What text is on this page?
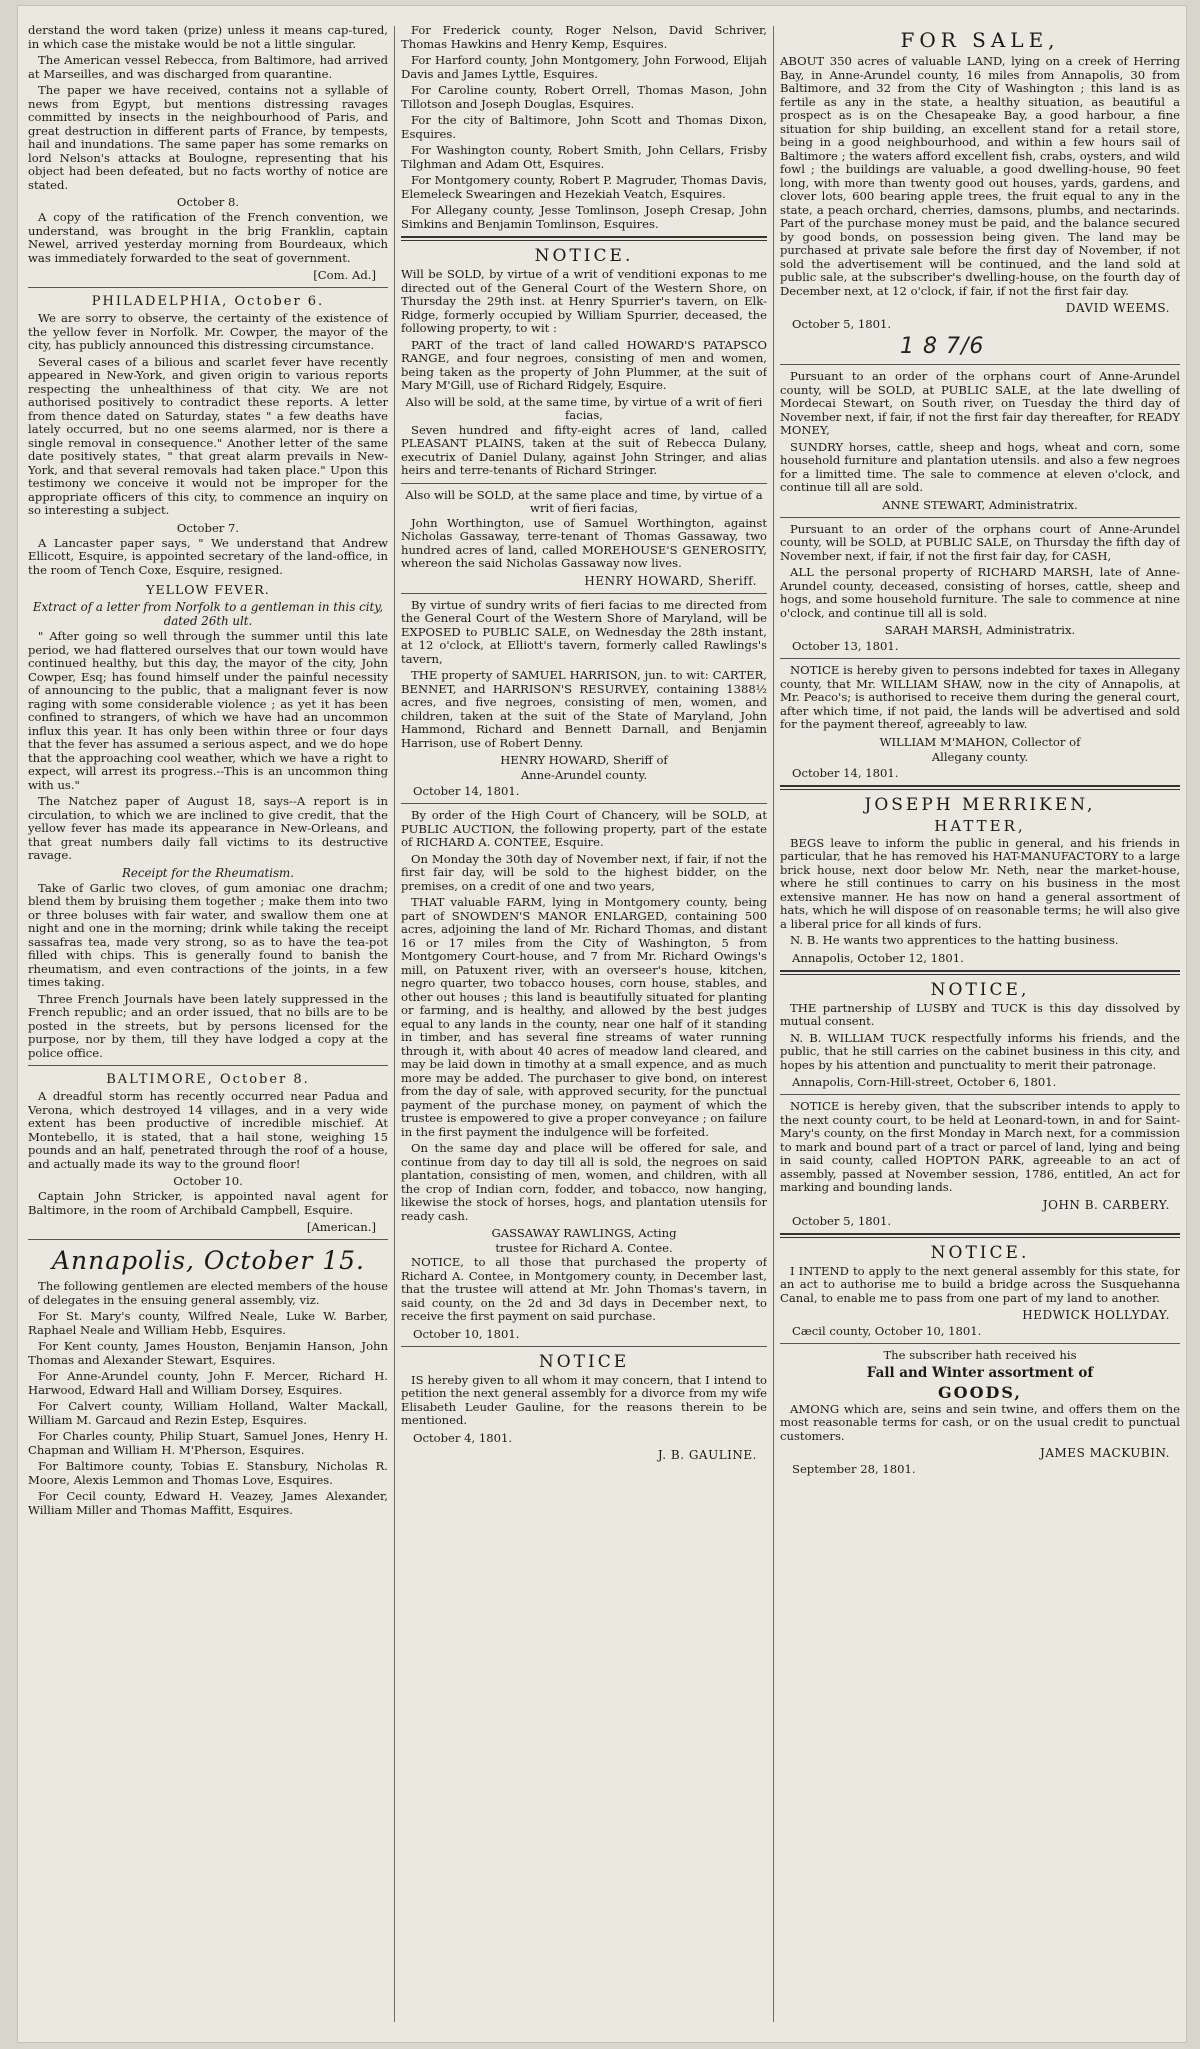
derstand the word taken (prize) unless it means cap-tured, in which case the mistake would be not a little singular.

The American vessel Rebecca, from Baltimore, had arrived at Marseilles, and was discharged from quarantine.

The paper we have received, contains not a syllable of news from Egypt, but mentions distressing ravages committed by insects in the neighbourhood of Paris, and great destruction in different parts of France, by tempests, hail and inundations. The same paper has some remarks on lord Nelson's attacks at Boulogne, representing that his object had been defeated, but no facts worthy of notice are stated.

October 8.

A copy of the ratification of the French convention, we understand, was brought in the brig Franklin, captain Newel, arrived yesterday morning from Bourdeaux, which was immediately forwarded to the seat of government.

[Com. Ad.]
PHILADELPHIA, October 6.

We are sorry to observe, the certainty of the existence of the yellow fever in Norfolk. Mr. Cowper, the mayor of the city, has publicly announced this distressing circumstance.

Several cases of a bilious and scarlet fever have recently appeared in New-York, and given origin to various reports respecting the unhealthiness of that city. We are not authorised positively to contradict these reports. A letter from thence dated on Saturday, states " a few deaths have lately occurred, but no one seems alarmed, nor is there a single removal in consequence." Another letter of the same date positively states, " that great alarm prevails in New-York, and that several removals had taken place." Upon this testimony we conceive it would not be improper for the appropriate officers of this city, to commence an inquiry on so interesting a subject.

October 7.

A Lancaster paper says, " We understand that Andrew Ellicott, Esquire, is appointed secretary of the land-office, in the room of Tench Coxe, Esquire, resigned.

YELLOW FEVER.
Extract of a letter from Norfolk to a gentleman in this city, dated 26th ult.

" After going so well through the summer until this late period, we had flattered ourselves that our town would have continued healthy, but this day, the mayor of the city, John Cowper, Esq; has found himself under the painful necessity of announcing to the public, that a malignant fever is now raging with some considerable violence ; as yet it has been confined to strangers, of which we have had an uncommon influx this year. It has only been within three or four days that the fever has assumed a serious aspect, and we do hope that the approaching cool weather, which we have a right to expect, will arrest its progress.--This is an uncommon thing with us."

The Natchez paper of August 18, says--A report is in circulation, to which we are inclined to give credit, that the yellow fever has made its appearance in New-Orleans, and that great numbers daily fall victims to its destructive ravage.

Receipt for the Rheumatism.

Take of Garlic two cloves, of gum amoniac one drachm; blend them by bruising them together ; make them into two or three boluses with fair water, and swallow them one at night and one in the morning; drink while taking the receipt sassafras tea, made very strong, so as to have the tea-pot filled with chips. This is generally found to banish the rheumatism, and even contractions of the joints, in a few times taking.

Three French Journals have been lately suppressed in the French republic; and an order issued, that no bills are to be posted in the streets, but by persons licensed for the purpose, nor by them, till they have lodged a copy at the police office.

BALTIMORE, October 8.

A dreadful storm has recently occurred near Padua and Verona, which destroyed 14 villages, and in a very wide extent has been productive of incredible mischief. At Montebello, it is stated, that a hail stone, weighing 15 pounds and an half, penetrated through the roof of a house, and actually made its way to the ground floor!

October 10.

Captain John Stricker, is appointed naval agent for Baltimore, in the room of Archibald Campbell, Esquire.

[American.]
Annapolis, October 15.

The following gentlemen are elected members of the house of delegates in the ensuing general assembly, viz.

For St. Mary's county, Wilfred Neale, Luke W. Barber, Raphael Neale and William Hebb, Esquires.

For Kent county, James Houston, Benjamin Hanson, John Thomas and Alexander Stewart, Esquires.

For Anne-Arundel county, John F. Mercer, Richard H. Harwood, Edward Hall and William Dorsey, Esquires.

For Calvert county, William Holland, Walter Mackall, William M. Garcaud and Rezin Estep, Esquires.

For Charles county, Philip Stuart, Samuel Jones, Henry H. Chapman and William H. M'Pherson, Esquires.

For Baltimore county, Tobias E. Stansbury, Nicholas R. Moore, Alexis Lemmon and Thomas Love, Esquires.

For Cecil county, Edward H. Veazey, James Alexander, William Miller and Thomas Maffitt, Esquires.

For Frederick county, Roger Nelson, David Schriver, Thomas Hawkins and Henry Kemp, Esquires.

For Harford county, John Montgomery, John Forwood, Elijah Davis and James Lyttle, Esquires.

For Caroline county, Robert Orrell, Thomas Mason, John Tillotson and Joseph Douglas, Esquires.

For the city of Baltimore, John Scott and Thomas Dixon, Esquires.

For Washington county, Robert Smith, John Cellars, Frisby Tilghman and Adam Ott, Esquires.

For Montgomery county, Robert P. Magruder, Thomas Davis, Elemeleck Swearingen and Hezekiah Veatch, Esquires.

For Allegany county, Jesse Tomlinson, Joseph Cresap, John Simkins and Benjamin Tomlinson, Esquires.

NOTICE.

Will be SOLD, by virtue of a writ of venditioni exponas to me directed out of the General Court of the Western Shore, on Thursday the 29th inst. at Henry Spurrier's tavern, on Elk-Ridge, formerly occupied by William Spurrier, deceased, the following property, to wit :

PART of the tract of land called HOWARD'S PATAPSCO RANGE, and four negroes, consisting of men and women, being taken as the property of John Plummer, at the suit of Mary M'Gill, use of Richard Ridgely, Esquire.

Also will be sold, at the same time, by virtue of a writ of fieri facias,

Seven hundred and fifty-eight acres of land, called PLEASANT PLAINS, taken at the suit of Rebecca Dulany, executrix of Daniel Dulany, against John Stringer, and alias heirs and terre-tenants of Richard Stringer.

Also will be SOLD, at the same place and time, by virtue of a writ of fieri facias,

John Worthington, use of Samuel Worthington, against Nicholas Gassaway, terre-tenant of Thomas Gassaway, two hundred acres of land, called MOREHOUSE'S GENEROSITY, whereon the said Nicholas Gassaway now lives.

HENRY HOWARD, Sheriff.

By virtue of sundry writs of fieri facias to me directed from the General Court of the Western Shore of Maryland, will be EXPOSED to PUBLIC SALE, on Wednesday the 28th instant, at 12 o'clock, at Elliott's tavern, formerly called Rawlings's tavern,

THE property of SAMUEL HARRISON, jun. to wit: CARTER, BENNET, and HARRISON'S RESURVEY, containing 1388½ acres, and five negroes, consisting of men, women, and children, taken at the suit of the State of Maryland, John Hammond, Richard and Bennett Darnall, and Benjamin Harrison, use of Robert Denny.

HENRY HOWARD, Sheriff of
Anne-Arundel county.
October 14, 1801.

By order of the High Court of Chancery, will be SOLD, at PUBLIC AUCTION, the following property, part of the estate of RICHARD A. CONTEE, Esquire.

On Monday the 30th day of November next, if fair, if not the first fair day, will be sold to the highest bidder, on the premises, on a credit of one and two years,

THAT valuable FARM, lying in Montgomery county, being part of SNOWDEN'S MANOR ENLARGED, containing 500 acres, adjoining the land of Mr. Richard Thomas, and distant 16 or 17 miles from the City of Washington, 5 from Montgomery Court-house, and 7 from Mr. Richard Owings's mill, on Patuxent river, with an overseer's house, kitchen, negro quarter, two tobacco houses, corn house, stables, and other out houses ; this land is beautifully situated for planting or farming, and is healthy, and allowed by the best judges equal to any lands in the county, near one half of it standing in timber, and has several fine streams of water running through it, with about 40 acres of meadow land cleared, and may be laid down in timothy at a small expence, and as much more may be added. The purchaser to give bond, on interest from the day of sale, with approved security, for the punctual payment of the purchase money, on payment of which the trustee is empowered to give a proper conveyance ; on failure in the first payment the indulgence will be forfeited.

On the same day and place will be offered for sale, and continue from day to day till all is sold, the negroes on said plantation, consisting of men, women, and children, with all the crop of Indian corn, fodder, and tobacco, now hanging, likewise the stock of horses, hogs, and plantation utensils for ready cash.

GASSAWAY RAWLINGS, Acting
trustee for Richard A. Contee.

NOTICE, to all those that purchased the property of Richard A. Contee, in Montgomery county, in December last, that the trustee will attend at Mr. John Thomas's tavern, in said county, on the 2d and 3d days in December next, to receive the first payment on said purchase.

October 10, 1801.
NOTICE

IS hereby given to all whom it may concern, that I intend to petition the next general assembly for a divorce from my wife Elisabeth Leuder Gauline, for the reasons therein to be mentioned.

October 4, 1801.
J. B. GAULINE.
FOR SALE,

ABOUT 350 acres of valuable LAND, lying on a creek of Herring Bay, in Anne-Arundel county, 16 miles from Annapolis, 30 from Baltimore, and 32 from the City of Washington ; this land is as fertile as any in the state, a healthy situation, as beautiful a prospect as is on the Chesapeake Bay, a good harbour, a fine situation for ship building, an excellent stand for a retail store, being in a good neighbourhood, and within a few hours sail of Baltimore ; the waters afford excellent fish, crabs, oysters, and wild fowl ; the buildings are valuable, a good dwelling-house, 90 feet long, with more than twenty good out houses, yards, gardens, and clover lots, 600 bearing apple trees, the fruit equal to any in the state, a peach orchard, cherries, damsons, plumbs, and nectarinds. Part of the purchase money must be paid, and the balance secured by good bonds, on possession being given. The land may be purchased at private sale before the first day of November, if not sold the advertisement will be continued, and the land sold at public sale, at the subscriber's dwelling-house, on the fourth day of December next, at 12 o'clock, if fair, if not the first fair day.

DAVID WEEMS.
October 5, 1801.
1 8 7/6

Pursuant to an order of the orphans court of Anne-Arundel county, will be SOLD, at PUBLIC SALE, at the late dwelling of Mordecai Stewart, on South river, on Tuesday the third day of November next, if fair, if not the first fair day thereafter, for READY MONEY,

SUNDRY horses, cattle, sheep and hogs, wheat and corn, some household furniture and plantation utensils. and also a few negroes for a limitted time. The sale to commence at eleven o'clock, and continue till all are sold.

ANNE STEWART, Administratrix.

Pursuant to an order of the orphans court of Anne-Arundel county, will be SOLD, at PUBLIC SALE, on Thursday the fifth day of November next, if fair, if not the first fair day, for CASH,

ALL the personal property of RICHARD MARSH, late of Anne-Arundel county, deceased, consisting of horses, cattle, sheep and hogs, and some household furniture. The sale to commence at nine o'clock, and continue till all is sold.

SARAH MARSH, Administratrix.
October 13, 1801.

NOTICE is hereby given to persons indebted for taxes in Allegany county, that Mr. WILLIAM SHAW, now in the city of Annapolis, at Mr. Peaco's; is authorised to receive them during the general court, after which time, if not paid, the lands will be advertised and sold for the payment thereof, agreeably to law.

WILLIAM M'MAHON, Collector of
Allegany county.
October 14, 1801.
JOSEPH MERRIKEN,
HATTER,

BEGS leave to inform the public in general, and his friends in particular, that he has removed his HAT-MANUFACTORY to a large brick house, next door below Mr. Neth, near the market-house, where he still continues to carry on his business in the most extensive manner. He has now on hand a general assortment of hats, which he will dispose of on reasonable terms; he will also give a liberal price for all kinds of furs.

N. B. He wants two apprentices to the hatting business.

Annapolis, October 12, 1801.
NOTICE,

THE partnership of LUSBY and TUCK is this day dissolved by mutual consent.

N. B. WILLIAM TUCK respectfully informs his friends, and the public, that he still carries on the cabinet business in this city, and hopes by his attention and punctuality to merit their patronage.

Annapolis, Corn-Hill-street, October 6, 1801.

NOTICE is hereby given, that the subscriber intends to apply to the next county court, to be held at Leonard-town, in and for Saint-Mary's county, on the first Monday in March next, for a commission to mark and bound part of a tract or parcel of land, lying and being in said county, called HOPTON PARK, agreeable to an act of assembly, passed at November session, 1786, entitled, An act for marking and bounding lands.

JOHN B. CARBERY.
October 5, 1801.
NOTICE.

I INTEND to apply to the next general assembly for this state, for an act to authorise me to build a bridge across the Susquehanna Canal, to enable me to pass from one part of my land to another.

HEDWICK HOLLYDAY.
Cæcil county, October 10, 1801.
The subscriber hath received his
Fall and Winter assortment of
GOODS,

AMONG which are, seins and sein twine, and offers them on the most reasonable terms for cash, or on the usual credit to punctual customers.

JAMES MACKUBIN.
September 28, 1801.
